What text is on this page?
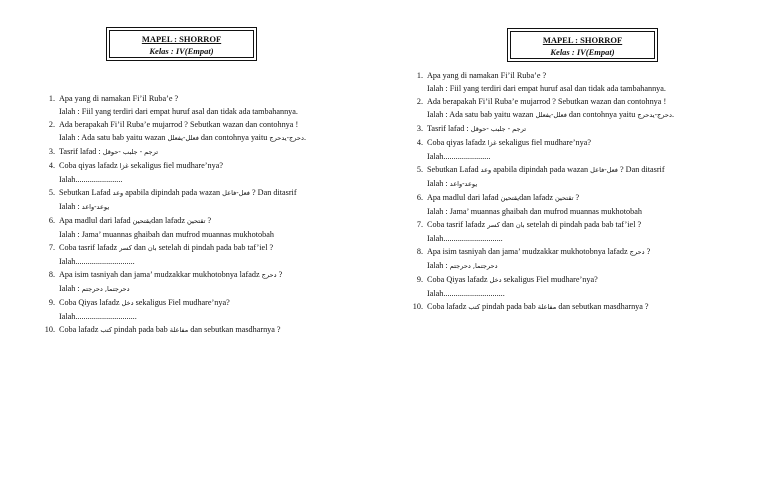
MAPEL : SHORROF
Kelas : IV(Empat)
1. Apa yang di namakan Fi’il Ruba’e ?
Ialah : Fiil yang terdiri dari empat huruf asal dan tidak ada tambahannya.
2. Ada berapakah Fi’il Ruba’e mujarrod ? Sebutkan wazan dan contohnya !
Ialah : Ada satu bab yaitu wazan فعلل-يفعلل dan contohnya yaitu دحرج-يدحرج.
3. Tasrif lafad : ترجم - جلبب -حوقل
4. Coba qiyas lafadz غزا sekaligus fiel mudhare’nya?
Ialah.......................
5. Sebutkan Lafad وعد apabila dipindah pada wazan فعل-فاعل ? Dan ditasrif
Ialah : يوعد-واعد
6. Apa madlul dari lafad يقتحينdan lafadz تقتحين ?
Ialah : Jama’ muannas ghaibah dan mufrod muannas mukhotobah
7. Coba tasrif lafadz كسر dan بان setelah di pindah pada bab taf’iel ?
Ialah.............................
8. Apa isim tasniyah dan jama’ mudzakkar mukhotobnya lafadz دحرج ?
Ialah : دحرجتما, دحرجتم
9. Coba Qiyas lafadz دخل sekaligus Fiel mudhare’nya?
Ialah..............................
10. Coba lafadz كتب pindah pada bab مفاعلة dan sebutkan masdharnya ?
MAPEL : SHORROF
Kelas : IV(Empat)
1. Apa yang di namakan Fi’il Ruba’e ?
Ialah : Fiil yang terdiri dari empat huruf asal dan tidak ada tambahannya.
2. Ada berapakah Fi’il Ruba’e mujarrod ? Sebutkan wazan dan contohnya !
Ialah : Ada satu bab yaitu wazan فعلل-يفعلل dan contohnya yaitu دحرج-يدحرج.
3. Tasrif lafad : ترجم - جلبب -حوقل
4. Coba qiyas lafadz غزا sekaligus fiel mudhare’nya?
Ialah.......................
5. Sebutkan Lafad وعد apabila dipindah pada wazan فعل-فاعل ? Dan ditasrif
Ialah : يوعد-واعد
6. Apa madlul dari lafad يقتحينdan lafadz تقتحين ?
Ialah : Jama’ muannas ghaibah dan mufrod muannas mukhotobah
7. Coba tasrif lafadz كسر dan بان setelah di pindah pada bab taf’iel ?
Ialah.............................
8. Apa isim tasniyah dan jama’ mudzakkar mukhotobnya lafadz دحرج ?
Ialah : دحرجتما, دحرجتم
9. Coba Qiyas lafadz دخل sekaligus Fiel mudhare’nya?
Ialah..............................
10. Coba lafadz كتب pindah pada bab مفاعلة dan sebutkan masdharnya ?
